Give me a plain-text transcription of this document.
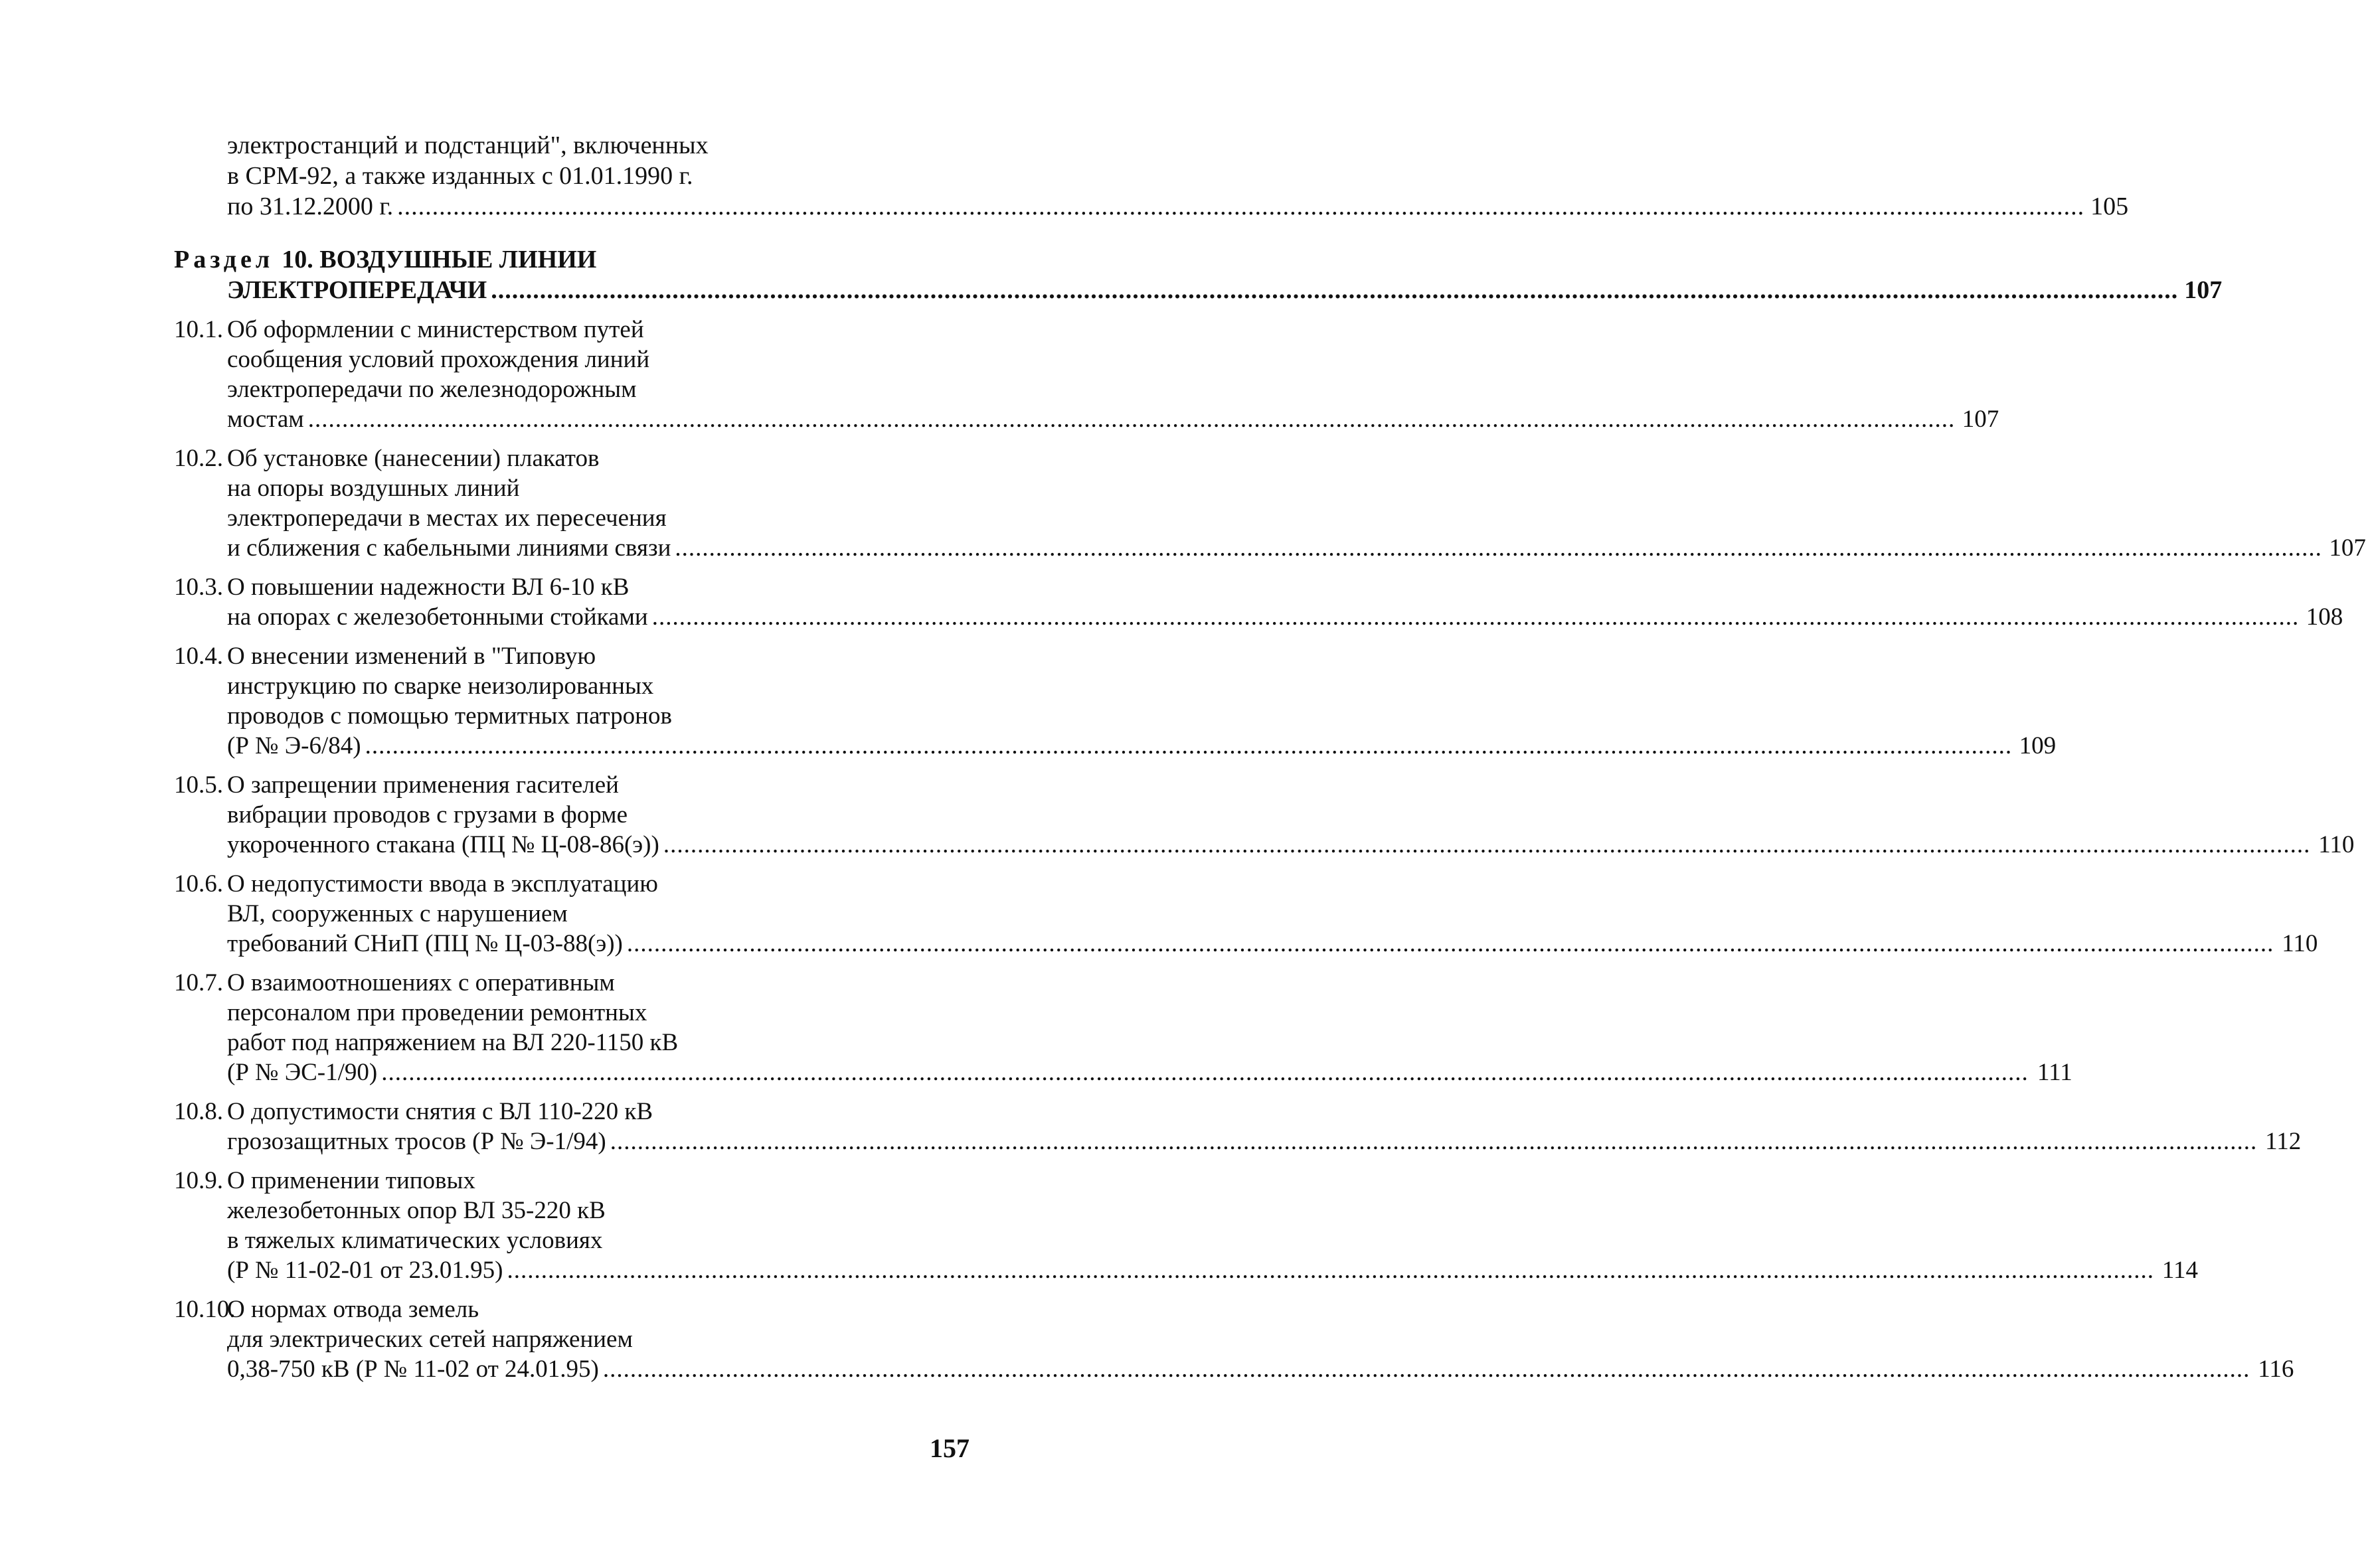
электростанций и подстанций", включенных
в СРМ-92, а также изданных с 01.01.1990 г.
по 31.12.2000 г. .....	105
Раздел 10. ВОЗДУШНЫЕ ЛИНИИ
ЭЛЕКТРОПЕРЕДАЧИ .....	107
10.1. Об оформлении с министерством путей
сообщения условий прохождения линий
электропередачи по железнодорожным
мостам .....	107
10.2. Об установке (нанесении) плакатов
на опоры воздушных линий
электропередачи в местах их пересечения
и сближения с кабельными линиями связи .....	107
10.3. О повышении надежности ВЛ 6-10 кВ
на опорах с железобетонными стойками .....	108
10.4. О внесении изменений в "Типовую
инструкцию по сварке неизолированных
проводов с помощью термитных патронов
(Р № Э-6/84) .....	109
10.5. О запрещении применения гасителей
вибрации проводов с грузами в форме
укороченного стакана (ПЦ № Ц-08-86(э)) .....	110
10.6. О недопустимости ввода в эксплуатацию
ВЛ, сооруженных с нарушением
требований СНиП (ПЦ № Ц-03-88(э)) .....	110
10.7. О взаимоотношениях с оперативным
персоналом при проведении ремонтных
работ под напряжением на ВЛ 220-1150 кВ
(Р № ЭС-1/90) .....	111
10.8. О допустимости снятия с ВЛ 110-220 кВ
грозозащитных тросов (Р № Э-1/94) .....	112
10.9. О применении типовых
железобетонных опор ВЛ 35-220 кВ
в тяжелых климатических условиях
(Р № 11-02-01 от 23.01.95) .....	114
10.10.
О нормах отвода земель
для электрических сетей напряжением
0,38-750 кВ (Р № 11-02 от 24.01.95) .....	116
157
